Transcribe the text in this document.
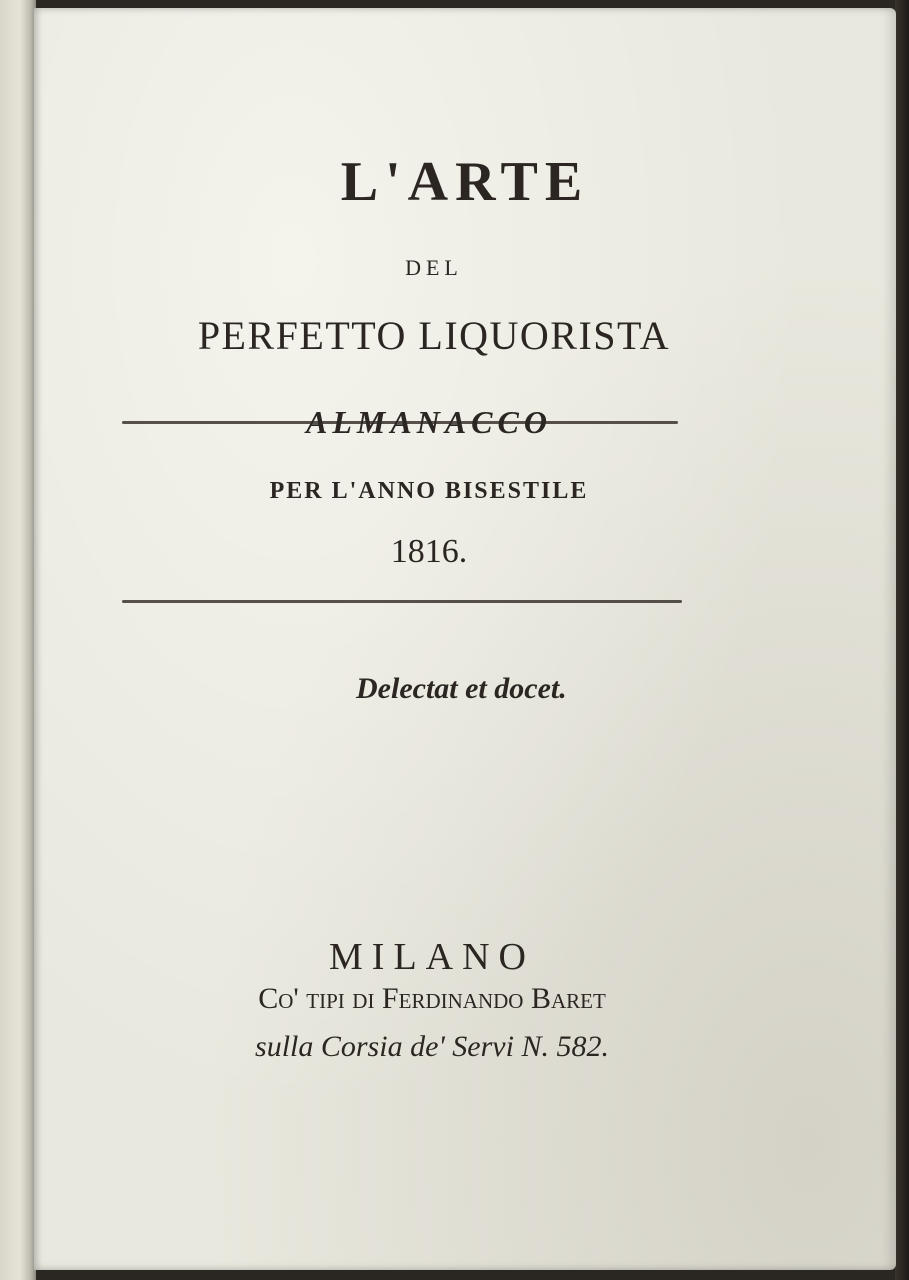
L'ARTE
DEL
PERFETTO LIQUORISTA
ALMANACCO
PER L'ANNO BISESTILE
1816.
Delectat et docet.
MILANO
Co' tipi di Ferdinando Baret
sulla Corsia de' Servi N. 582.
